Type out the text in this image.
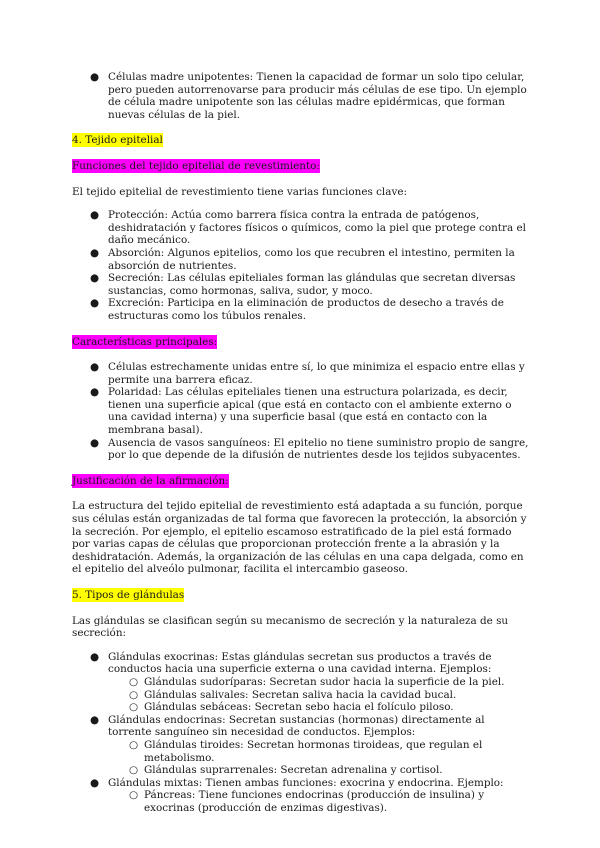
● Células madre unipotentes: Tienen la capacidad de formar un solo tipo celular, pero pueden autorrenovarse para producir más células de ese tipo. Un ejemplo de célula madre unipotente son las células madre epidérmicas, que forman nuevas células de la piel.

4. Tejido epitelial

Funciones del tejido epitelial de revestimiento:

El tejido epitelial de revestimiento tiene varias funciones clave:

● Protección: Actúa como barrera física contra la entrada de patógenos, deshidratación y factores físicos o químicos, como la piel que protege contra el daño mecánico.
● Absorción: Algunos epitelios, como los que recubren el intestino, permiten la absorción de nutrientes.
● Secreción: Las células epiteliales forman las glándulas que secretan diversas sustancias, como hormonas, saliva, sudor, y moco.
● Excreción: Participa en la eliminación de productos de desecho a través de estructuras como los túbulos renales.

Características principales:

● Células estrechamente unidas entre sí, lo que minimiza el espacio entre ellas y permite una barrera eficaz.
● Polaridad: Las células epiteliales tienen una estructura polarizada, es decir, tienen una superficie apical (que está en contacto con el ambiente externo o una cavidad interna) y una superficie basal (que está en contacto con la membrana basal).
● Ausencia de vasos sanguíneos: El epitelio no tiene suministro propio de sangre, por lo que depende de la difusión de nutrientes desde los tejidos subyacentes.

Justificación de la afirmación:

La estructura del tejido epitelial de revestimiento está adaptada a su función, porque sus células están organizadas de tal forma que favorecen la protección, la absorción y la secreción. Por ejemplo, el epitelio escamoso estratificado de la piel está formado por varias capas de células que proporcionan protección frente a la abrasión y la deshidratación. Además, la organización de las células en una capa delgada, como en el epitelio del alveólo pulmonar, facilita el intercambio gaseoso.

5. Tipos de glándulas

Las glándulas se clasifican según su mecanismo de secreción y la naturaleza de su secreción:

● Glándulas exocrinas: Estas glándulas secretan sus productos a través de conductos hacia una superficie externa o una cavidad interna. Ejemplos:
○ Glándulas sudoríparas: Secretan sudor hacia la superficie de la piel.
○ Glándulas salivales: Secretan saliva hacia la cavidad bucal.
○ Glándulas sebáceas: Secretan sebo hacia el folículo piloso.
● Glándulas endocrinas: Secretan sustancias (hormonas) directamente al torrente sanguíneo sin necesidad de conductos. Ejemplos:
○ Glándulas tiroides: Secretan hormonas tiroideas, que regulan el metabolismo.
○ Glándulas suprarrenales: Secretan adrenalina y cortisol.
● Glándulas mixtas: Tienen ambas funciones: exocrina y endocrina. Ejemplo:
○ Páncreas: Tiene funciones endocrinas (producción de insulina) y exocrinas (producción de enzimas digestivas).
